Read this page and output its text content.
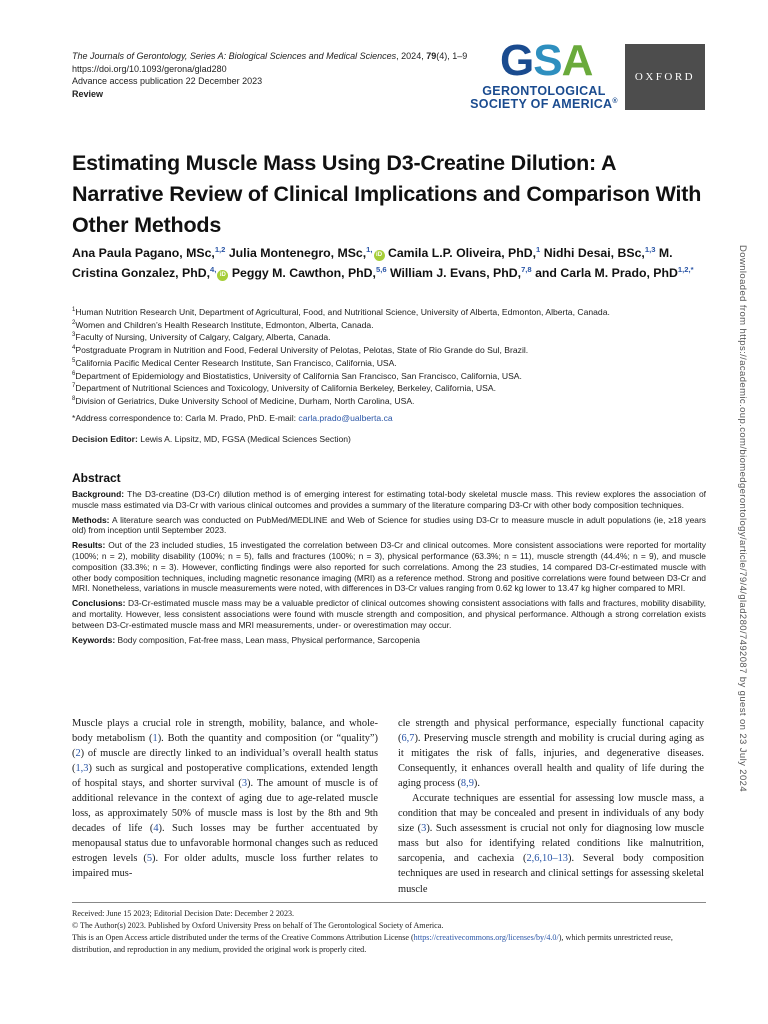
The Journals of Gerontology, Series A: Biological Sciences and Medical Sciences, 2024, 79(4), 1–9
https://doi.org/10.1093/gerona/glad280
Advance access publication 22 December 2023
Review
GSA
GERONTOLOGICAL
SOCIETY OF AMERICA®
OXFORD
Estimating Muscle Mass Using D3-Creatine Dilution: A Narrative Review of Clinical Implications and Comparison With Other Methods
Ana Paula Pagano, MSc,$^{1,2}$ Julia Montenegro, MSc,$^{1,}$iD Camila L.P. Oliveira, PhD,$^1$ Nidhi Desai, BSc,$^{1,3}$ M. Cristina Gonzalez, PhD,$^{4,}$iD Peggy M. Cawthon, PhD,$^{5,6}$ William J. Evans, PhD,$^{7,8}$ and Carla M. Prado, PhD$^{1,2,*}$
$^1$Human Nutrition Research Unit, Department of Agricultural, Food, and Nutritional Science, University of Alberta, Edmonton, Alberta, Canada.
$^2$Women and Children’s Health Research Institute, Edmonton, Alberta, Canada.
$^3$Faculty of Nursing, University of Calgary, Calgary, Alberta, Canada.
$^4$Postgraduate Program in Nutrition and Food, Federal University of Pelotas, Pelotas, State of Rio Grande do Sul, Brazil.
$^5$California Pacific Medical Center Research Institute, San Francisco, California, USA.
$^6$Department of Epidemiology and Biostatistics, University of California San Francisco, San Francisco, California, USA.
$^7$Department of Nutritional Sciences and Toxicology, University of California Berkeley, Berkeley, California, USA.
$^8$Division of Geriatrics, Duke University School of Medicine, Durham, North Carolina, USA.
*Address correspondence to: Carla M. Prado, PhD. E-mail: carla.prado@ualberta.ca
Decision Editor: Lewis A. Lipsitz, MD, FGSA (Medical Sciences Section)
Abstract

Background: The D3-creatine (D3-Cr) dilution method is of emerging interest for estimating total-body skeletal muscle mass. This review explores the association of muscle mass estimated via D3-Cr with various clinical outcomes and provides a summary of the literature comparing D3-Cr with other body composition techniques.

Methods: A literature search was conducted on PubMed/MEDLINE and Web of Science for studies using D3-Cr to measure muscle in adult populations (ie, ≥18 years old) from inception until September 2023.

Results: Out of the 23 included studies, 15 investigated the correlation between D3-Cr and clinical outcomes. More consistent associations were reported for mortality (100%; n = 2), mobility disability (100%; n = 5), falls and fractures (100%; n = 3), physical performance (63.3%; n = 11), muscle strength (44.4%; n = 9), and muscle composition (33.3%; n = 3). However, conflicting findings were also reported for such correlations. Among the 23 studies, 14 compared D3-Cr-estimated muscle with other body composition techniques, including magnetic resonance imaging (MRI) as a reference method. Strong and positive correlations were found between D3-Cr and MRI. Nonetheless, variations in muscle measurements were noted, with differences in D3-Cr values ranging from 0.62 kg lower to 13.47 kg higher compared to MRI.

Conclusions: D3-Cr-estimated muscle mass may be a valuable predictor of clinical outcomes showing consistent associations with falls and fractures, mobility disability, and mortality. However, less consistent associations were found with muscle strength and composition, and physical performance. Although a strong correlation exists between D3-Cr-estimated muscle mass and MRI measurements, under- or overestimation may occur.

Keywords: Body composition, Fat-free mass, Lean mass, Physical performance, Sarcopenia

Muscle plays a crucial role in strength, mobility, balance, and whole-body metabolism (1). Both the quantity and composition (or “quality”) (2) of muscle are directly linked to an individual’s overall health status (1,3) such as surgical and postoperative complications, extended length of hospital stays, and shorter survival (3). The amount of muscle is of additional relevance in the context of aging due to age-related muscle loss, as approximately 50% of muscle mass is lost by the 8th and 9th decades of life (4). Such losses may be further accentuated by menopausal status due to unfavorable hormonal changes such as reduced estrogen levels (5). For older adults, muscle loss further relates to impaired mus-

cle strength and physical performance, especially functional capacity (6,7). Preserving muscle strength and mobility is crucial during aging as it mitigates the risk of falls, injuries, and degenerative diseases. Consequently, it enhances overall health and quality of life during the aging process (8,9).

Accurate techniques are essential for assessing low muscle mass, a condition that may be concealed and present in individuals of any body size (3). Such assessment is crucial not only for diagnosing low muscle mass but also for identifying related conditions like malnutrition, sarcopenia, and cachexia (2,6,10–13). Several body composition techniques are used in research and clinical settings for assessing skeletal muscle

Received: June 15 2023; Editorial Decision Date: December 2 2023.
© The Author(s) 2023. Published by Oxford University Press on behalf of The Gerontological Society of America.
This is an Open Access article distributed under the terms of the Creative Commons Attribution License (https://creativecommons.org/licenses/by/4.0/), which permits unrestricted reuse, distribution, and reproduction in any medium, provided the original work is properly cited.
Downloaded from https://academic.oup.com/biomedgerontology/article/79/4/glad280/7492087 by guest on 23 July 2024
